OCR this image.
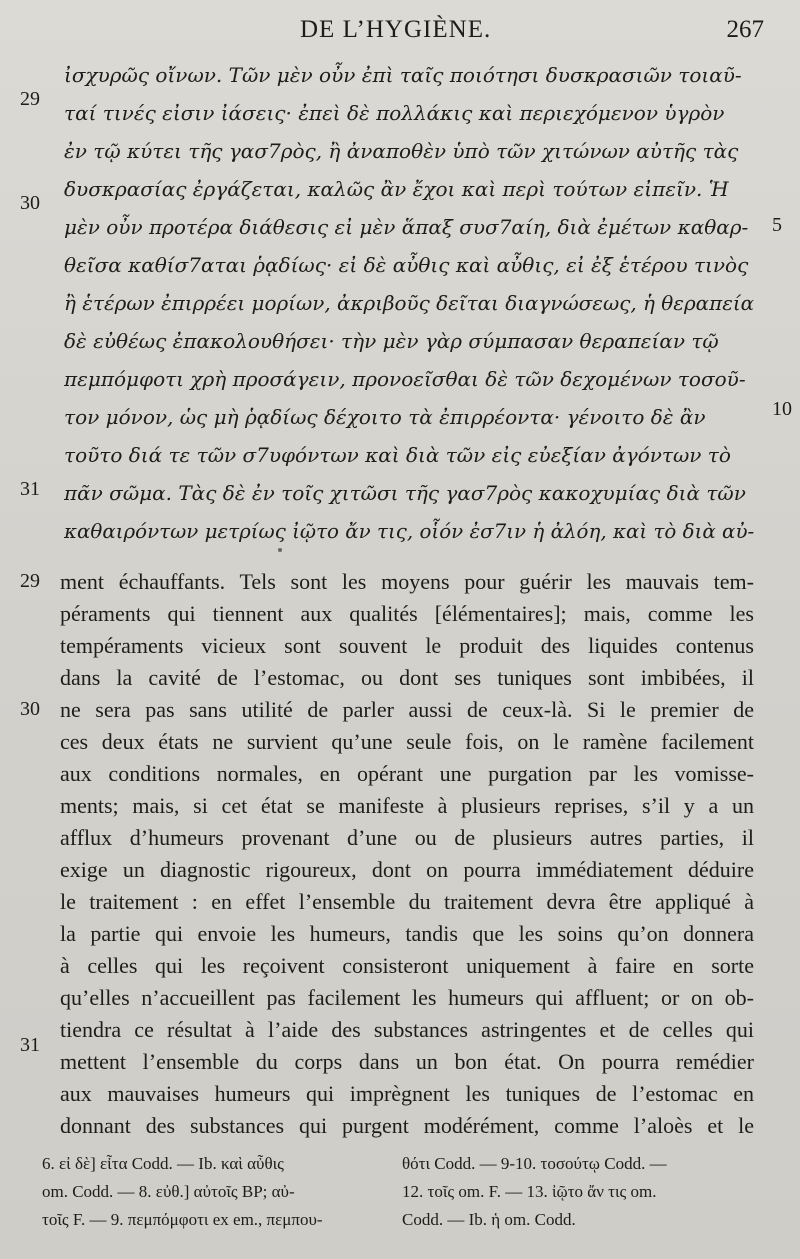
DE L’HYGIÈNE.	267
ἰσχυρῶς οἴνων. Τῶν μὲν οὖν ἐπὶ ταῖς ποιότησι δυσκρασιῶν τοιαῦ-
ταί τινές εἰσιν ἰάσεις· ἐπεὶ δὲ πολλάκις καὶ περιεχόμενον ὑγρὸν
ἐν τῷ κύτει τῆς γασ7ρὸς, ἢ ἀναποθὲν ὑπὸ τῶν χιτώνων αὐτῆς τὰς
δυσκρασίας ἐργάζεται, καλῶς ἂν ἔχοι καὶ περὶ τούτων εἰπεῖν. Ἡ
μὲν οὖν προτέρα διάθεσις εἰ μὲν ἅπαξ συσ7αίη, διὰ ἐμέτων καθαρ-
θεῖσα καθίσ7αται ῥᾳδίως· εἰ δὲ αὖθις καὶ αὖθις, εἰ ἐξ ἑτέρου τινὸς
ἢ ἑτέρων ἐπιρρέει μορίων, ἀκριβοῦς δεῖται διαγνώσεως, ἡ θεραπεία
δὲ εὐθέως ἐπακολουθήσει· τὴν μὲν γὰρ σύμπασαν θεραπείαν τῷ
πεμπόμφοτι χρὴ προσάγειν, προνοεῖσθαι δὲ τῶν δεχομένων τοσοῦ-
τον μόνον, ὡς μὴ ῥᾳδίως δέχοιτο τὰ ἐπιρρέοντα· γένοιτο δὲ ἂν
τοῦτο διά τε τῶν σ7υφόντων καὶ διὰ τῶν εἰς εὐεξίαν ἀγόντων τὸ
πᾶν σῶμα. Τὰς δὲ ἐν τοῖς χιτῶσι τῆς γασ7ρὸς κακοχυμίας διὰ τῶν
καθαιρόντων μετρίως ἰῷτο ἄν τις, οἷόν ἐσ7ιν ἡ ἀλόη, καὶ τὸ διὰ αὐ-
29
30
31
5
10
ment échauffants. Tels sont les moyens pour guérir les mauvais tem-
péraments qui tiennent aux qualités [élémentaires]; mais, comme les
tempéraments vicieux sont souvent le produit des liquides contenus
dans la cavité de l’estomac, ou dont ses tuniques sont imbibées, il
ne sera pas sans utilité de parler aussi de ceux-là. Si le premier de
ces deux états ne survient qu’une seule fois, on le ramène facilement
aux conditions normales, en opérant une purgation par les vomisse-
ments; mais, si cet état se manifeste à plusieurs reprises, s’il y a un
afflux d’humeurs provenant d’une ou de plusieurs autres parties, il
exige un diagnostic rigoureux, dont on pourra immédiatement déduire
le traitement : en effet l’ensemble du traitement devra être appliqué à
la partie qui envoie les humeurs, tandis que les soins qu’on donnera
à celles qui les reçoivent consisteront uniquement à faire en sorte
qu’elles n’accueillent pas facilement les humeurs qui affluent; or on ob-
tiendra ce résultat à l’aide des substances astringentes et de celles qui
mettent l’ensemble du corps dans un bon état. On pourra remédier
aux mauvaises humeurs qui imprègnent les tuniques de l’estomac en
donnant des substances qui purgent modérément, comme l’aloès et le
29
30
31
6. εἰ δὲ] εἶτα Codd. — Ib. καὶ αὖθις
om. Codd. — 8. εὐθ.] αὐτοῖς BP; αὐ-
τοῖς F. — 9. πεμπόμφοτι ex em., πεμπου-
θότι Codd. — 9-10. τοσούτῳ Codd. —
12. τοῖς om. F. — 13. ἰῷτο ἄν τις om.
Codd. — Ib. ἡ om. Codd.
